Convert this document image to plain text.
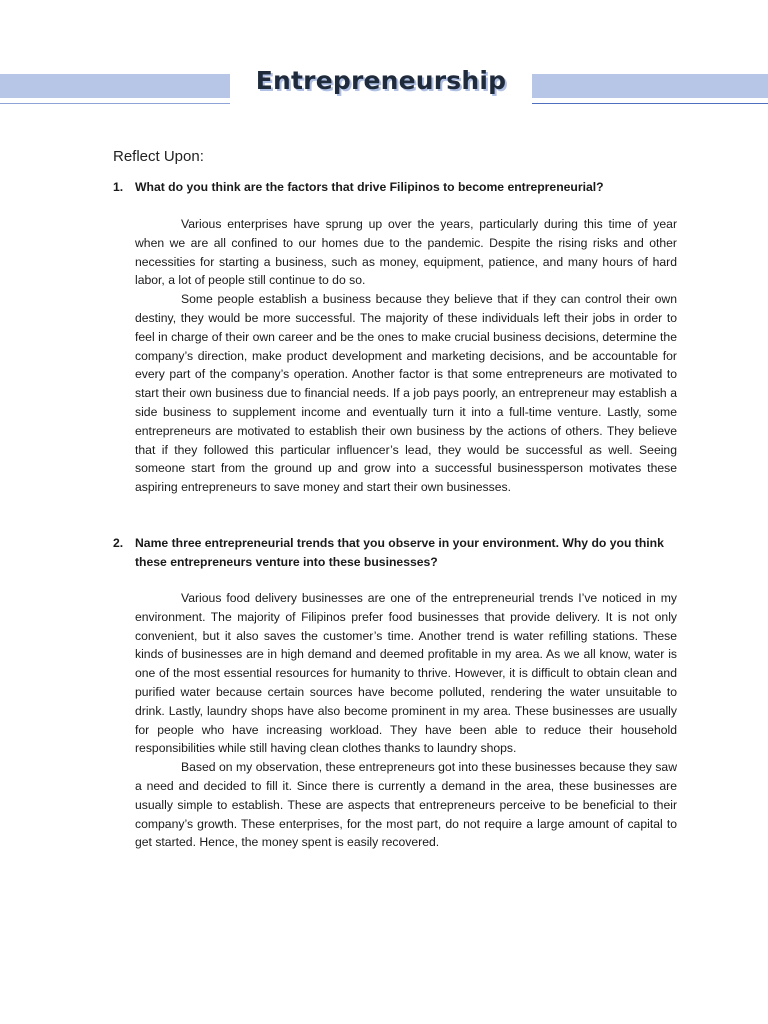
Entrepreneurship
Reflect Upon:
1. What do you think are the factors that drive Filipinos to become entrepreneurial?

Various enterprises have sprung up over the years, particularly during this time of year when we are all confined to our homes due to the pandemic. Despite the rising risks and other necessities for starting a business, such as money, equipment, patience, and many hours of hard labor, a lot of people still continue to do so.

Some people establish a business because they believe that if they can control their own destiny, they would be more successful. The majority of these individuals left their jobs in order to feel in charge of their own career and be the ones to make crucial business decisions, determine the company’s direction, make product development and marketing decisions, and be accountable for every part of the company’s operation. Another factor is that some entrepreneurs are motivated to start their own business due to financial needs. If a job pays poorly, an entrepreneur may establish a side business to supplement income and eventually turn it into a full-time venture. Lastly, some entrepreneurs are motivated to establish their own business by the actions of others. They believe that if they followed this particular influencer’s lead, they would be successful as well. Seeing someone start from the ground up and grow into a successful businessperson motivates these aspiring entrepreneurs to save money and start their own businesses.

2. Name three entrepreneurial trends that you observe in your environment. Why do you think these entrepreneurs venture into these businesses?

Various food delivery businesses are one of the entrepreneurial trends I’ve noticed in my environment. The majority of Filipinos prefer food businesses that provide delivery. It is not only convenient, but it also saves the customer’s time. Another trend is water refilling stations. These kinds of businesses are in high demand and deemed profitable in my area. As we all know, water is one of the most essential resources for humanity to thrive. However, it is difficult to obtain clean and purified water because certain sources have become polluted, rendering the water unsuitable to drink. Lastly, laundry shops have also become prominent in my area. These businesses are usually for people who have increasing workload. They have been able to reduce their household responsibilities while still having clean clothes thanks to laundry shops.

Based on my observation, these entrepreneurs got into these businesses because they saw a need and decided to fill it. Since there is currently a demand in the area, these businesses are usually simple to establish. These are aspects that entrepreneurs perceive to be beneficial to their company’s growth. These enterprises, for the most part, do not require a large amount of capital to get started. Hence, the money spent is easily recovered.
